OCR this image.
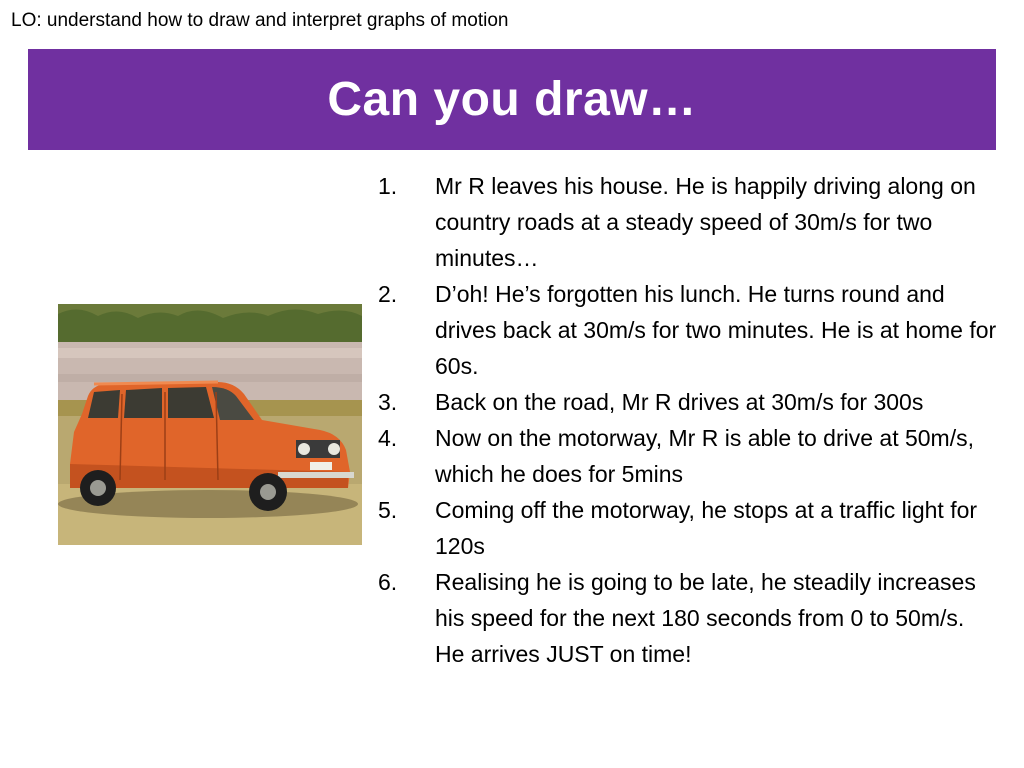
LO: understand how to draw and interpret graphs of motion
Can you draw…
1. Mr R leaves his house. He is happily driving along on country roads at a steady speed of 30m/s for two minutes…
2. D’oh! He’s forgotten his lunch. He turns round and drives back at 30m/s for two minutes. He is at home for 60s.
3. Back on the road, Mr R drives at 30m/s for 300s
4. Now on the motorway, Mr R is able to drive at 50m/s, which he does for 5mins
5. Coming off the motorway, he stops at a traffic light for 120s
6. Realising he is going to be late, he steadily increases his speed for the next 180 seconds from 0 to 50m/s. He arrives JUST on time!
